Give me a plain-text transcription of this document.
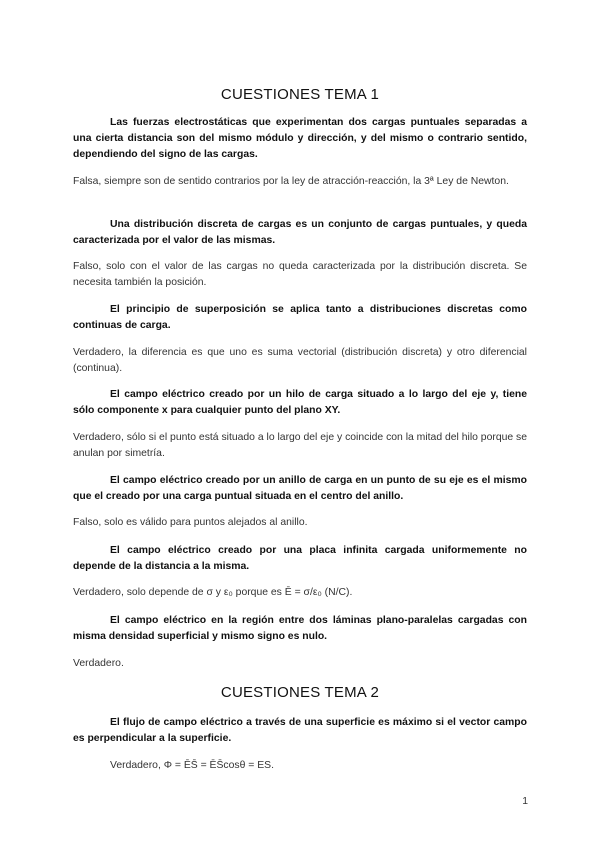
CUESTIONES TEMA 1
Las fuerzas electrostáticas que experimentan dos cargas puntuales separadas a una cierta distancia son del mismo módulo y dirección, y del mismo o contrario sentido, dependiendo del signo de las cargas.
Falsa, siempre son de sentido contrarios por la ley de atracción-reacción, la 3ª Ley de Newton.
Una distribución discreta de cargas es un conjunto de cargas puntuales, y queda caracterizada por el valor de las mismas.
Falso, solo con el valor de las cargas no queda caracterizada por la distribución discreta. Se necesita también la posición.
El principio de superposición se aplica tanto a distribuciones discretas como continuas de carga.
Verdadero, la diferencia es que uno es suma vectorial (distribución discreta) y otro diferencial (continua).
El campo eléctrico creado por un hilo de carga situado a lo largo del eje y, tiene sólo componente x para cualquier punto del plano XY.
Verdadero, sólo si el punto está situado a lo largo del eje y coincide con la mitad del hilo porque se anulan por simetría.
El campo eléctrico creado por un anillo de carga en un punto de su eje es el mismo que el creado por una carga puntual situada en el centro del anillo.
Falso, solo es válido para puntos alejados al anillo.
El campo eléctrico creado por una placa infinita cargada uniformemente no depende de la distancia a la misma.
Verdadero, solo depende de σ y ε₀ porque es Ē = σ/ε₀ (N/C).
El campo eléctrico en la región entre dos láminas plano-paralelas cargadas con misma densidad superficial y mismo signo es nulo.
Verdadero.
CUESTIONES TEMA 2
El flujo de campo eléctrico a través de una superficie es máximo si el vector campo es perpendicular a la superficie.
Verdadero, Φ = ĒS̄ = ĒS̄cosθ = ES.
1
